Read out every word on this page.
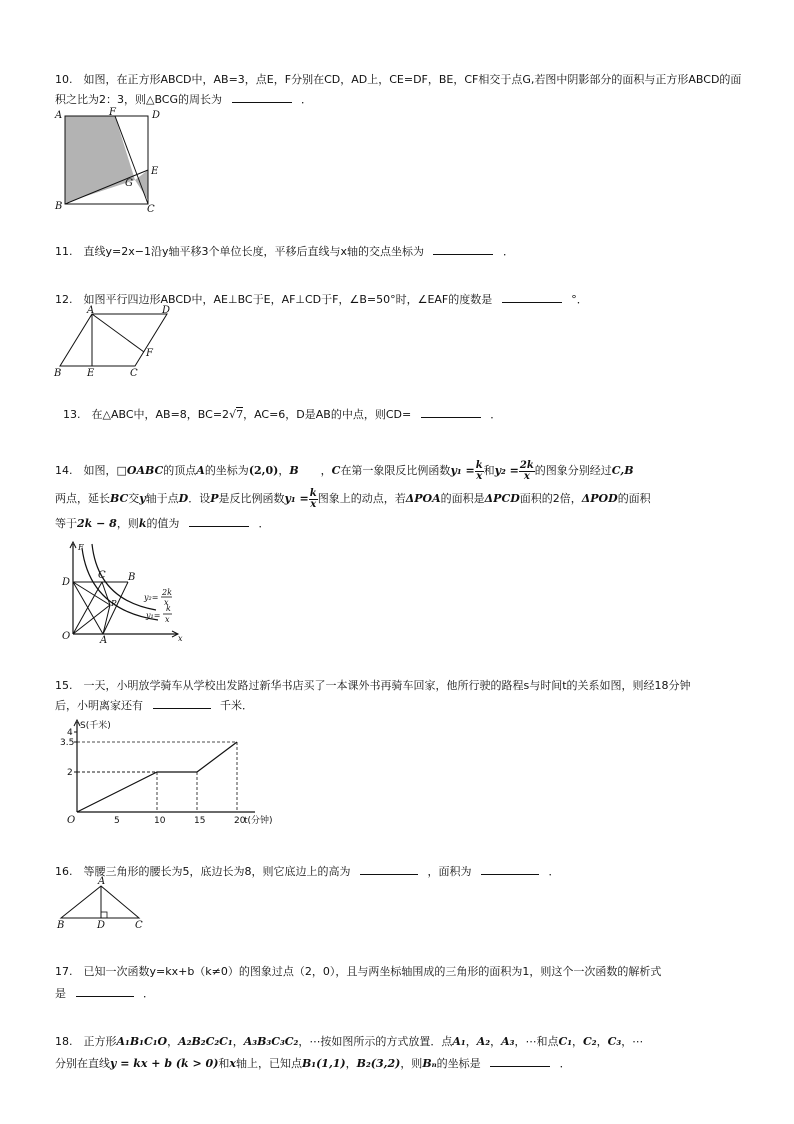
10.　如图，在正方形ABCD中，AB=3，点E，F分别在CD，AD上，CE=DF，BE，CF相交于点G,若图中阴影部分的面积与正方形ABCD的面
积之比为2：3，则△BCG的周长为	．
A	F	D
E
G
B	C
11.　直线y=2x−1沿y轴平移3个单位长度，平移后直线与x轴的交点坐标为	．
12.　如图平行四边形ABCD中，AE⊥BC于E，AF⊥CD于F，∠B=50°时，∠EAF的度数是	°．
A	D
F
B	E	C
13.　在△ABC中，AB=8，BC=2√7，AC=6，D是AB的中点，则CD=	．
14.　如图，□OABC的顶点A的坐标为(2,0)，B　　，C在第一象限反比例函数$y_1 = \frac{k}{x}$ 和$y_2 = \frac{2k}{x}$ 的图象分别经过C,B
两点，延长BC交y轴于点D．设P是反比例函数$y_1 = \frac{k}{x}$ 图象上的动点，若ΔPOA的面积是ΔPCD面积的2倍，ΔPOD的面积
等于2k − 8，则k的值为	．
F
D
C B
P
O	A	x
y₂=
2k
x
y₁=
k
x
15.　一天，小明放学骑车从学校出发路过新华书店买了一本课外书再骑车回家，他所行驶的路程s与时间t的关系如图，则经18分钟
后，小明离家还有	千米．
S(千米)
t(分钟)
O	5	10	15	20
2
3.5
4
16.　等腰三角形的腰长为5，底边长为8，则它底边上的高为	，面积为	．
A
B	D	C
17.　已知一次函数y=kx+b（k≠0）的图象过点（2，0），且与两坐标轴围成的三角形的面积为1，则这个一次函数的解析式
是	．
18.　正方形A₁B₁C₁O，A₂B₂C₂C₁，A₃B₃C₃C₂，⋯按如图所示的方式放置．点A₁，A₂，A₃，⋯和点C₁，C₂，C₃，⋯
分别在直线y = kx + b (k > 0)和x轴上，已知点B₁(1,1)，B₂(3,2)，则Bₙ的坐标是	．
